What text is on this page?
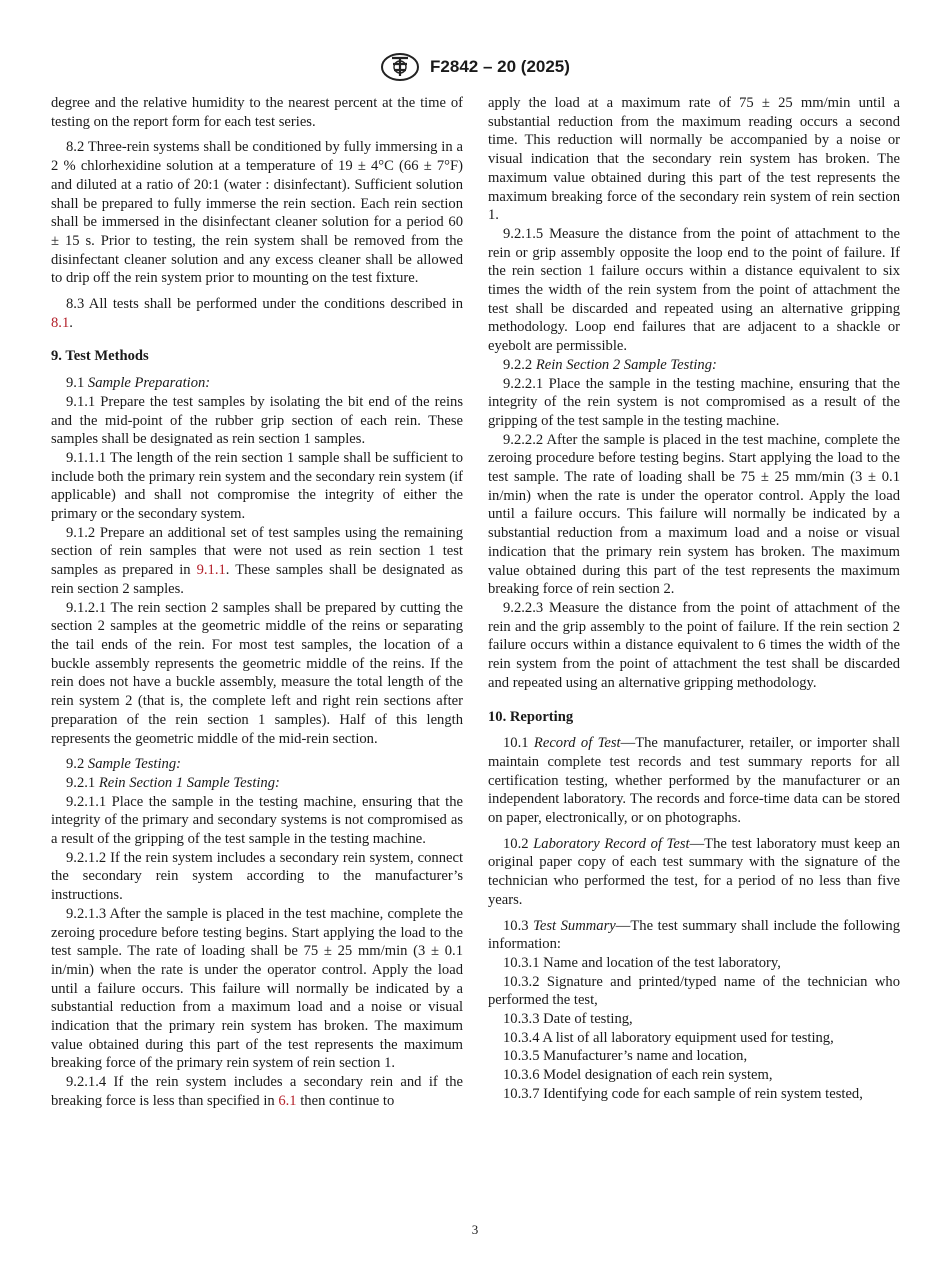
F2842 – 20 (2025)

degree and the relative humidity to the nearest percent at the time of testing on the report form for each test series.

8.2 Three-rein systems shall be conditioned by fully immersing in a 2 % chlorhexidine solution at a temperature of 19 ± 4°C (66 ± 7°F) and diluted at a ratio of 20:1 (water : disinfectant). Sufficient solution shall be prepared to fully immerse the rein section. Each rein section shall be immersed in the disinfectant cleaner solution for a period 60 ± 15 s. Prior to testing, the rein system shall be removed from the disinfectant cleaner solution and any excess cleaner shall be allowed to drip off the rein system prior to mounting on the test fixture.

8.3 All tests shall be performed under the conditions described in 8.1.

9. Test Methods

9.1 Sample Preparation:

9.1.1 Prepare the test samples by isolating the bit end of the reins and the mid-point of the rubber grip section of each rein. These samples shall be designated as rein section 1 samples.

9.1.1.1 The length of the rein section 1 sample shall be sufficient to include both the primary rein system and the secondary rein system (if applicable) and shall not compromise the integrity of either the primary or the secondary system.

9.1.2 Prepare an additional set of test samples using the remaining section of rein samples that were not used as rein section 1 test samples as prepared in 9.1.1. These samples shall be designated as rein section 2 samples.

9.1.2.1 The rein section 2 samples shall be prepared by cutting the section 2 samples at the geometric middle of the reins or separating the tail ends of the rein. For most test samples, the location of a buckle assembly represents the geometric middle of the reins. If the rein does not have a buckle assembly, measure the total length of the rein system 2 (that is, the complete left and right rein sections after preparation of the rein section 1 samples). Half of this length represents the geometric middle of the mid-rein section.

9.2 Sample Testing:

9.2.1 Rein Section 1 Sample Testing:

9.2.1.1 Place the sample in the testing machine, ensuring that the integrity of the primary and secondary systems is not compromised as a result of the gripping of the test sample in the testing machine.

9.2.1.2 If the rein system includes a secondary rein system, connect the secondary rein system according to the manufacturer’s instructions.

9.2.1.3 After the sample is placed in the test machine, complete the zeroing procedure before testing begins. Start applying the load to the test sample. The rate of loading shall be 75 ± 25 mm/min (3 ± 0.1 in/min) when the rate is under the operator control. Apply the load until a failure occurs. This failure will normally be indicated by a substantial reduction from a maximum load and a noise or visual indication that the primary rein system has broken. The maximum value obtained during this part of the test represents the maximum breaking force of the primary rein system of rein section 1.

9.2.1.4 If the rein system includes a secondary rein and if the breaking force is less than specified in 6.1 then continue to

apply the load at a maximum rate of 75 ± 25 mm/min until a substantial reduction from the maximum reading occurs a second time. This reduction will normally be accompanied by a noise or visual indication that the secondary rein system has broken. The maximum value obtained during this part of the test represents the maximum breaking force of the secondary rein system of rein section 1.

9.2.1.5 Measure the distance from the point of attachment to the rein or grip assembly opposite the loop end to the point of failure. If the rein section 1 failure occurs within a distance equivalent to six times the width of the rein system from the point of attachment the test shall be discarded and repeated using an alternative gripping methodology. Loop end failures that are adjacent to a shackle or eyebolt are permissible.

9.2.2 Rein Section 2 Sample Testing:

9.2.2.1 Place the sample in the testing machine, ensuring that the integrity of the rein system is not compromised as a result of the gripping of the test sample in the testing machine.

9.2.2.2 After the sample is placed in the test machine, complete the zeroing procedure before testing begins. Start applying the load to the test sample. The rate of loading shall be 75 ± 25 mm/min (3 ± 0.1 in/min) when the rate is under the operator control. Apply the load until a failure occurs. This failure will normally be indicated by a substantial reduction from a maximum load and a noise or visual indication that the primary rein system has broken. The maximum value obtained during this part of the test represents the maximum breaking force of rein section 2.

9.2.2.3 Measure the distance from the point of attachment of the rein and the grip assembly to the point of failure. If the rein section 2 failure occurs within a distance equivalent to 6 times the width of the rein system from the point of attachment the test shall be discarded and repeated using an alternative gripping methodology.

10. Reporting

10.1 Record of Test—The manufacturer, retailer, or importer shall maintain complete test records and test summary reports for all certification testing, whether performed by the manufacturer or an independent laboratory. The records and force-time data can be stored on paper, electronically, or on photographs.

10.2 Laboratory Record of Test—The test laboratory must keep an original paper copy of each test summary with the signature of the technician who performed the test, for a period of no less than five years.

10.3 Test Summary—The test summary shall include the following information:

10.3.1 Name and location of the test laboratory,

10.3.2 Signature and printed/typed name of the technician who performed the test,

10.3.3 Date of testing,

10.3.4 A list of all laboratory equipment used for testing,

10.3.5 Manufacturer’s name and location,

10.3.6 Model designation of each rein system,

10.3.7 Identifying code for each sample of rein system tested,

3
